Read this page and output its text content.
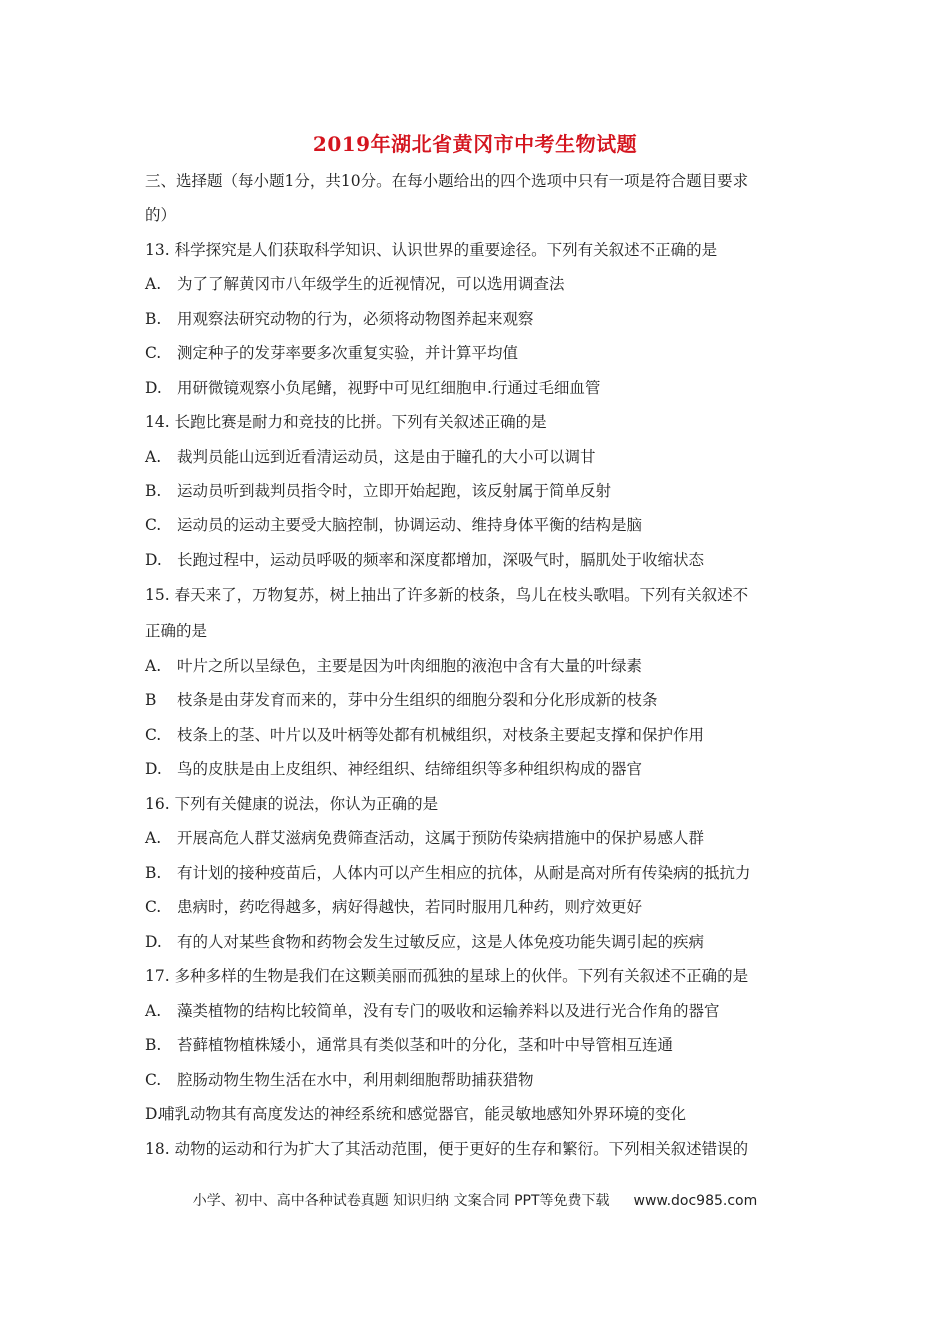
2019年湖北省黄冈市中考生物试题
三、选择题（每小题1分，共10分。在每小题给出的四个选项中只有一项是符合题目要求
的）
13. 科学探究是人们获取科学知识、认识世界的重要途径。下列有关叙述不正确的是
A. 为了了解黄冈市八年级学生的近视情况，可以选用调查法
B. 用观察法研究动物的行为，必须将动物图养起来观察
C. 测定种子的发芽率要多次重复实验，并计算平均值
D. 用研微镜观察小负尾鳍，视野中可见红细胞申.行通过毛细血管
14. 长跑比赛是耐力和竞技的比拼。下列有关叙述正确的是
A. 裁判员能山远到近看清运动员，这是由于瞳孔的大小可以调甘
B. 运动员听到裁判员指令时，立即开始起跑，该反射属于简单反射
C. 运动员的运动主要受大脑控制，协调运动、维持身体平衡的结构是脑
D. 长跑过程中，运动员呼吸的频率和深度都增加，深吸气时，膈肌处于收缩状态
15. 春天来了，万物复苏，树上抽出了许多新的枝条，鸟儿在枝头歌唱。下列有关叙述不
正确的是
A. 叶片之所以呈绿色，主要是因为叶肉细胞的液泡中含有大量的叶绿素
B 枝条是由芽发育而来的，芽中分生组织的细胞分裂和分化形成新的枝条
C. 枝条上的茎、叶片以及叶柄等处都有机械组织，对枝条主要起支撑和保护作用
D. 鸟的皮肤是由上皮组织、神经组织、结缔组织等多种组织构成的器官
16. 下列有关健康的说法，你认为正确的是
A. 开展高危人群艾滋病免费筛查活动，这属于预防传染病措施中的保护易感人群
B. 有计划的接种疫苗后，人体内可以产生相应的抗体，从耐是高对所有传染病的抵抗力
C. 患病时，药吃得越多，病好得越快，若同时服用几种药，则疗效更好
D. 有的人对某些食物和药物会发生过敏反应，这是人体免疫功能失调引起的疾病
17. 多种多样的生物是我们在这颗美丽而孤独的星球上的伙伴。下列有关叙述不正确的是
A. 藻类植物的结构比较简单，没有专门的吸收和运输养料以及进行光合作角的器官
B. 苔藓植物植株矮小，通常具有类似茎和叶的分化，茎和叶中导管相互连通
C. 腔肠动物生物生活在水中，利用刺细胞帮助捕获猎物
D.哺乳动物其有高度发达的神经系统和感觉器官，能灵敏地感知外界环境的变化
18. 动物的运动和行为扩大了其活动范围，便于更好的生存和繁衍。下列相关叙述错误的
小学、初中、高中各种试卷真题 知识归纳 文案合同 PPT等免费下载 www.doc985.com
